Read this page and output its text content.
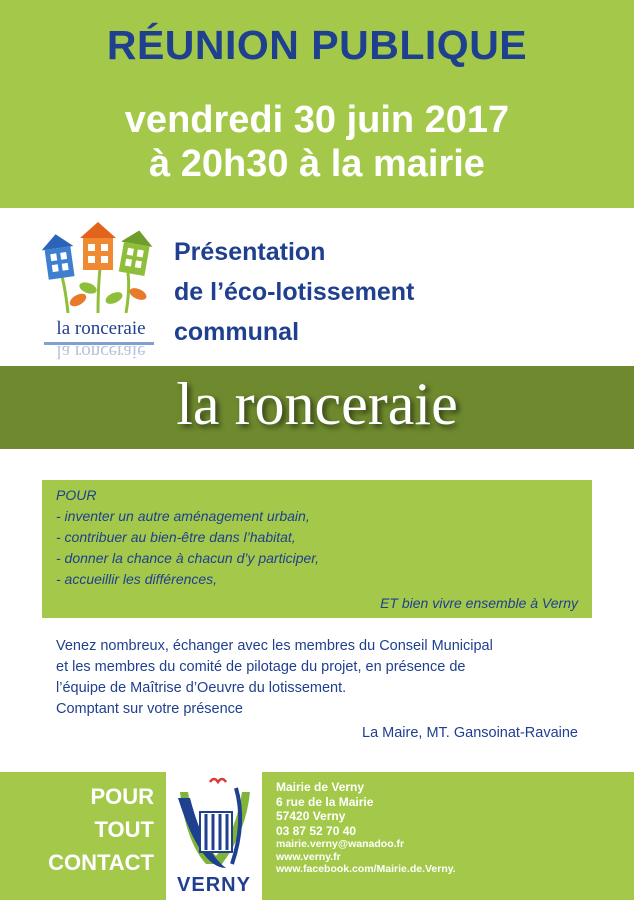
RÉUNION PUBLIQUE
vendredi 30 juin 2017
à 20h30 à la mairie
la ronceraie
la ronceraie
Présentation
de l’éco-lotissement
communal
la ronceraie
POUR
- inventer un autre aménagement urbain,
- contribuer au bien-être dans l’habitat,
- donner la chance à chacun d’y participer,
- accueillir les différences,
ET bien vivre ensemble à Verny
Venez nombreux, échanger avec les membres du Conseil Municipal
et les membres du comité de pilotage du projet, en présence de
l’équipe de Maîtrise d’Oeuvre du lotissement.
Comptant sur votre présence
La Maire, MT. Gansoinat-Ravaine
POUR
TOUT
CONTACT
VERNY
Mairie de Verny
6 rue de la Mairie
57420 Verny
03 87 52 70 40
mairie.verny@wanadoo.fr
www.verny.fr
www.facebook.com/Mairie.de.Verny.
